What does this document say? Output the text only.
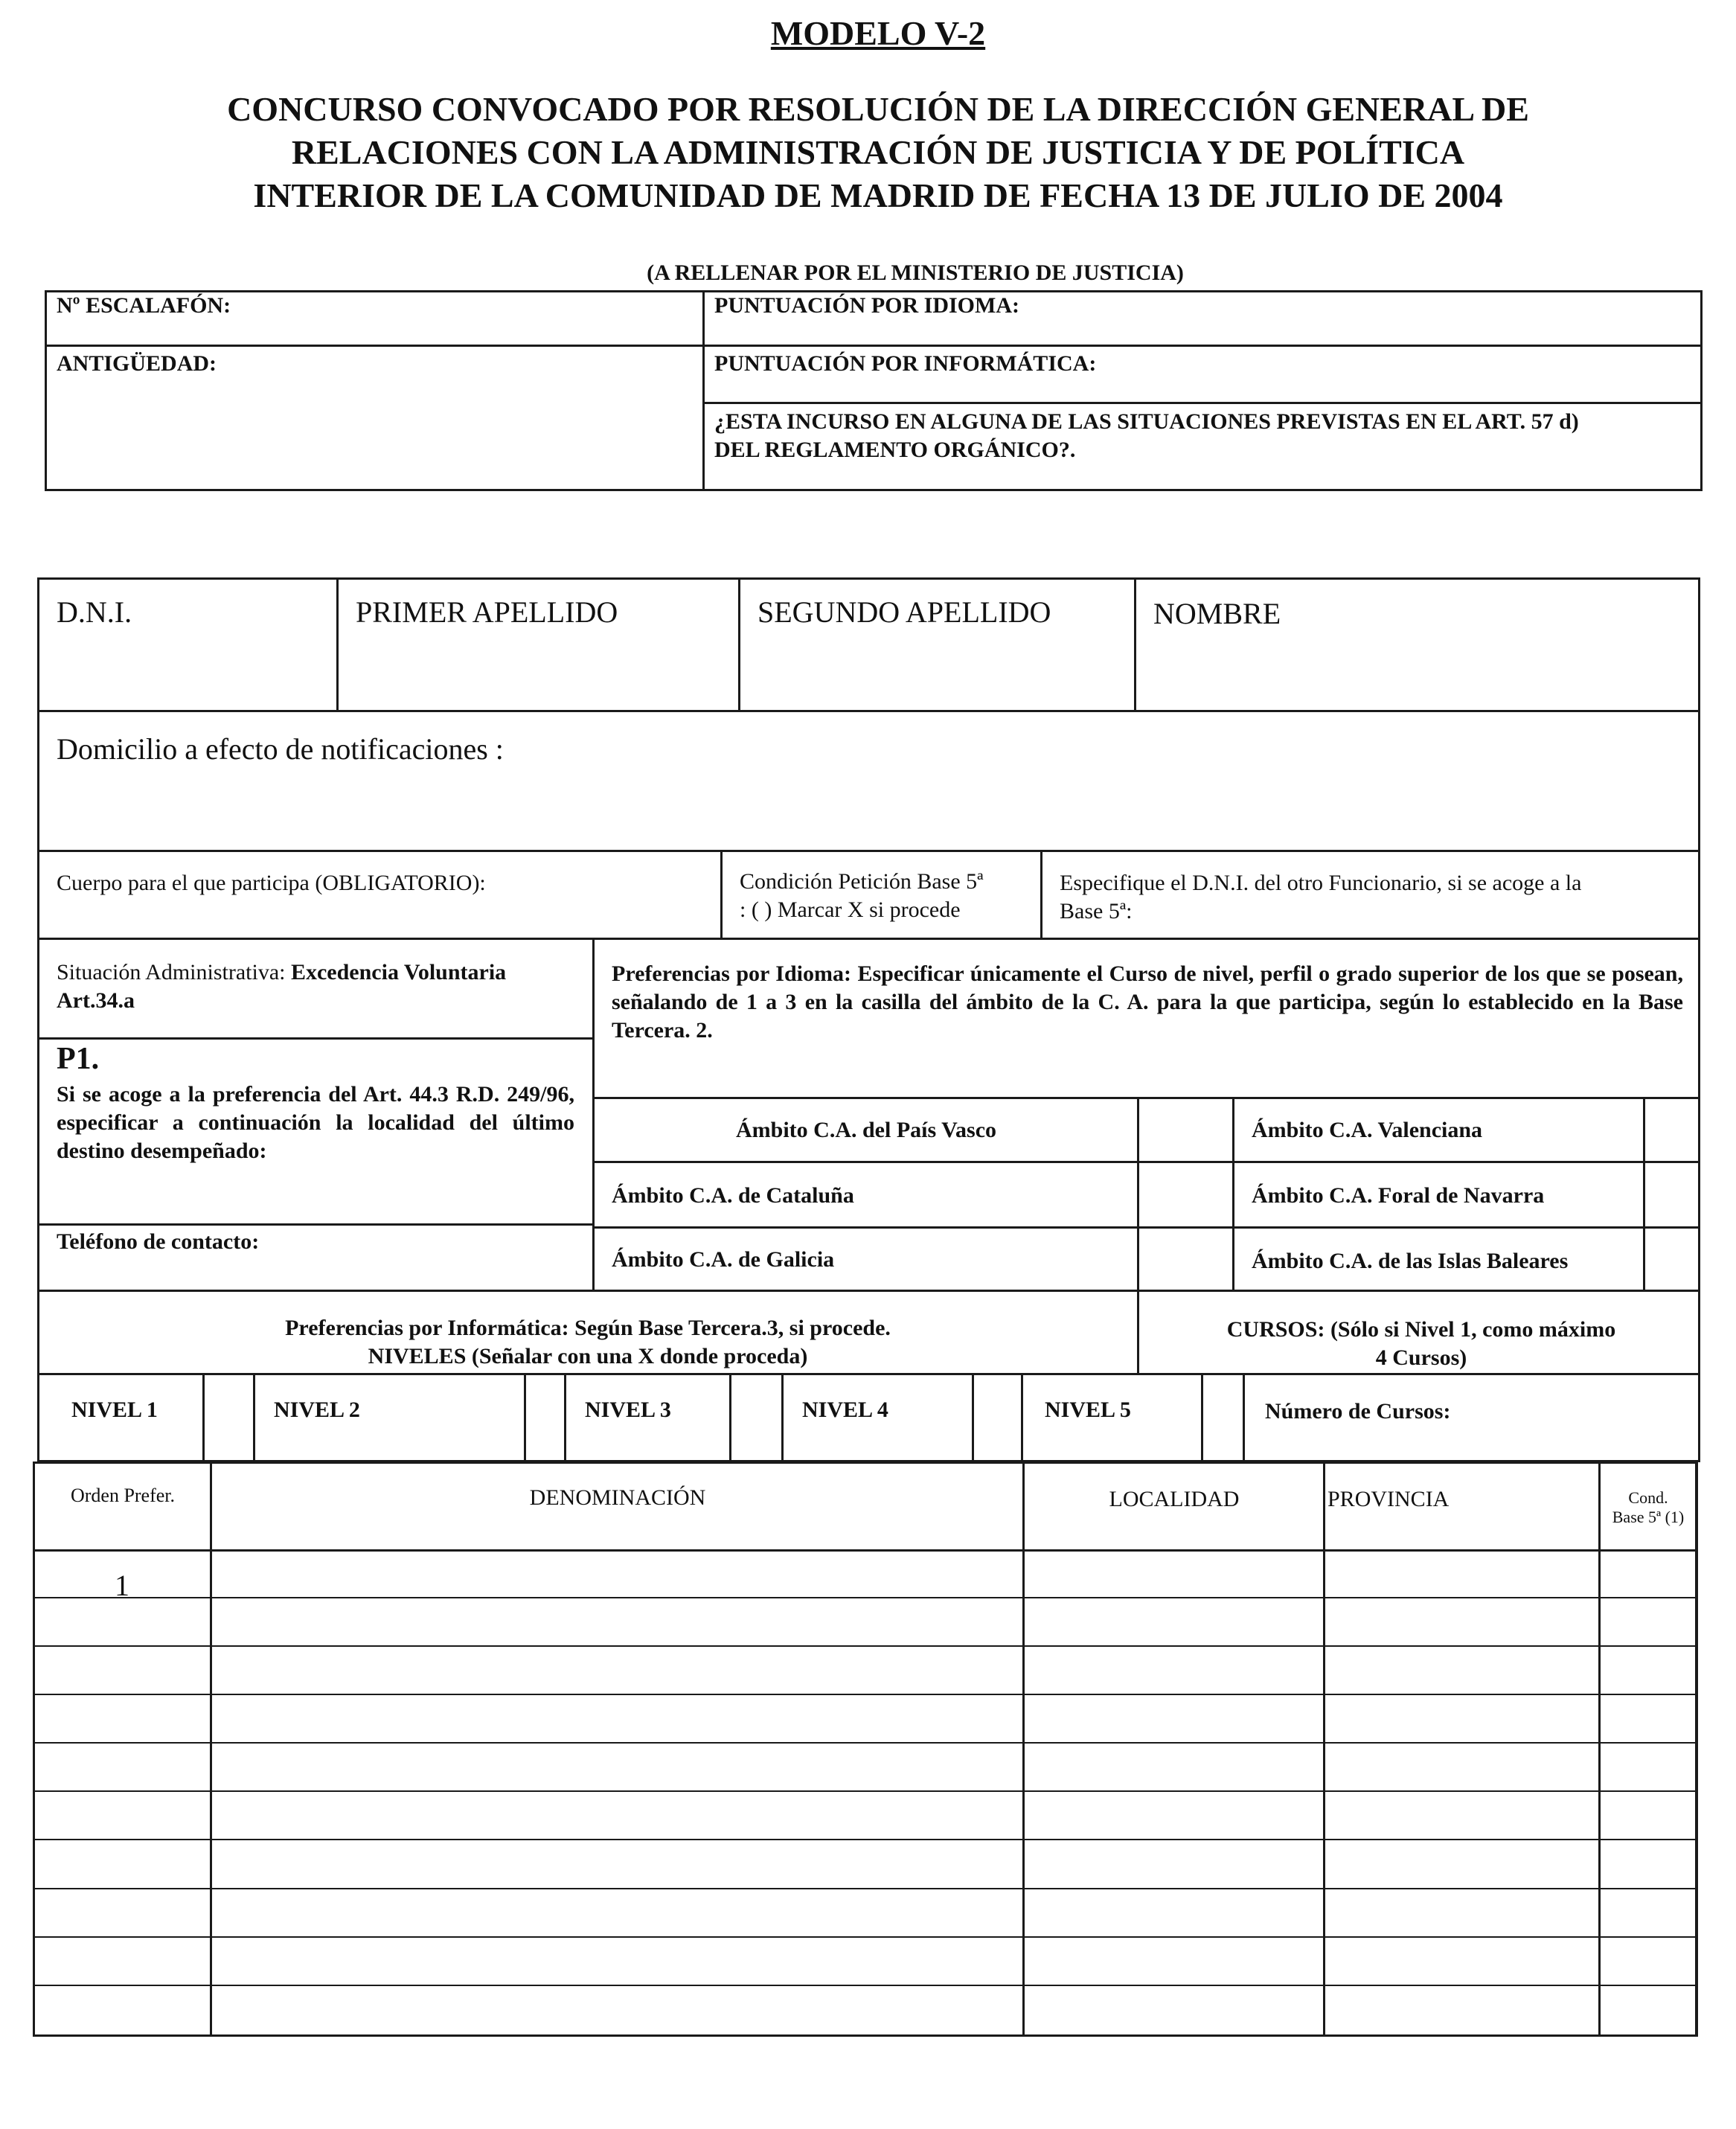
MODELO V-2
CONCURSO CONVOCADO POR RESOLUCIÓN DE LA DIRECCIÓN GENERAL DE
RELACIONES CON LA ADMINISTRACIÓN DE JUSTICIA Y DE POLÍTICA
INTERIOR DE LA COMUNIDAD DE MADRID DE FECHA 13 DE JULIO DE 2004
(A RELLENAR POR EL MINISTERIO DE JUSTICIA)
Nº ESCALAFÓN:	PUNTUACIÓN POR IDIOMA:
ANTIGÜEDAD:	PUNTUACIÓN POR INFORMÁTICA:
¿ESTA INCURSO EN ALGUNA DE LAS SITUACIONES PREVISTAS EN EL ART. 57 d)
DEL REGLAMENTO ORGÁNICO?.
D.N.I.	PRIMER APELLIDO	SEGUNDO APELLIDO	NOMBRE
Domicilio a efecto de notificaciones :
Cuerpo para el que participa (OBLIGATORIO):	Condición Petición Base 5ª
: ( ) Marcar X si procede
Especifique el D.N.I. del otro Funcionario, si se acoge a la
Base 5ª:
Situación Administrativa: Excedencia Voluntaria
Art.34.a
P1.
Si se acoge a la preferencia del Art. 44.3 R.D. 249/96, especificar a continuación la localidad del último destino desempeñado:
Teléfono de contacto:
Preferencias por Idioma: Especificar únicamente el Curso de nivel, perfil o grado superior de los que se posean, señalando de 1 a 3 en la casilla del ámbito de la C. A. para la que participa, según lo establecido en la Base Tercera. 2.
Ámbito C.A. del País Vasco	Ámbito C.A. Valenciana
Ámbito C.A. de Cataluña	Ámbito C.A. Foral de Navarra
Ámbito C.A. de Galicia	Ámbito C.A. de las Islas Baleares
Preferencias por Informática: Según Base Tercera.3, si procede.
NIVELES (Señalar con una X donde proceda)
CURSOS: (Sólo si Nivel 1, como máximo
4 Cursos)
NIVEL 1	NIVEL 2	NIVEL 3	NIVEL 4	NIVEL 5	Número de Cursos:
Orden Prefer.	DENOMINACIÓN	LOCALIDAD	PROVINCIA	Cond.
Base 5ª (1)
1
